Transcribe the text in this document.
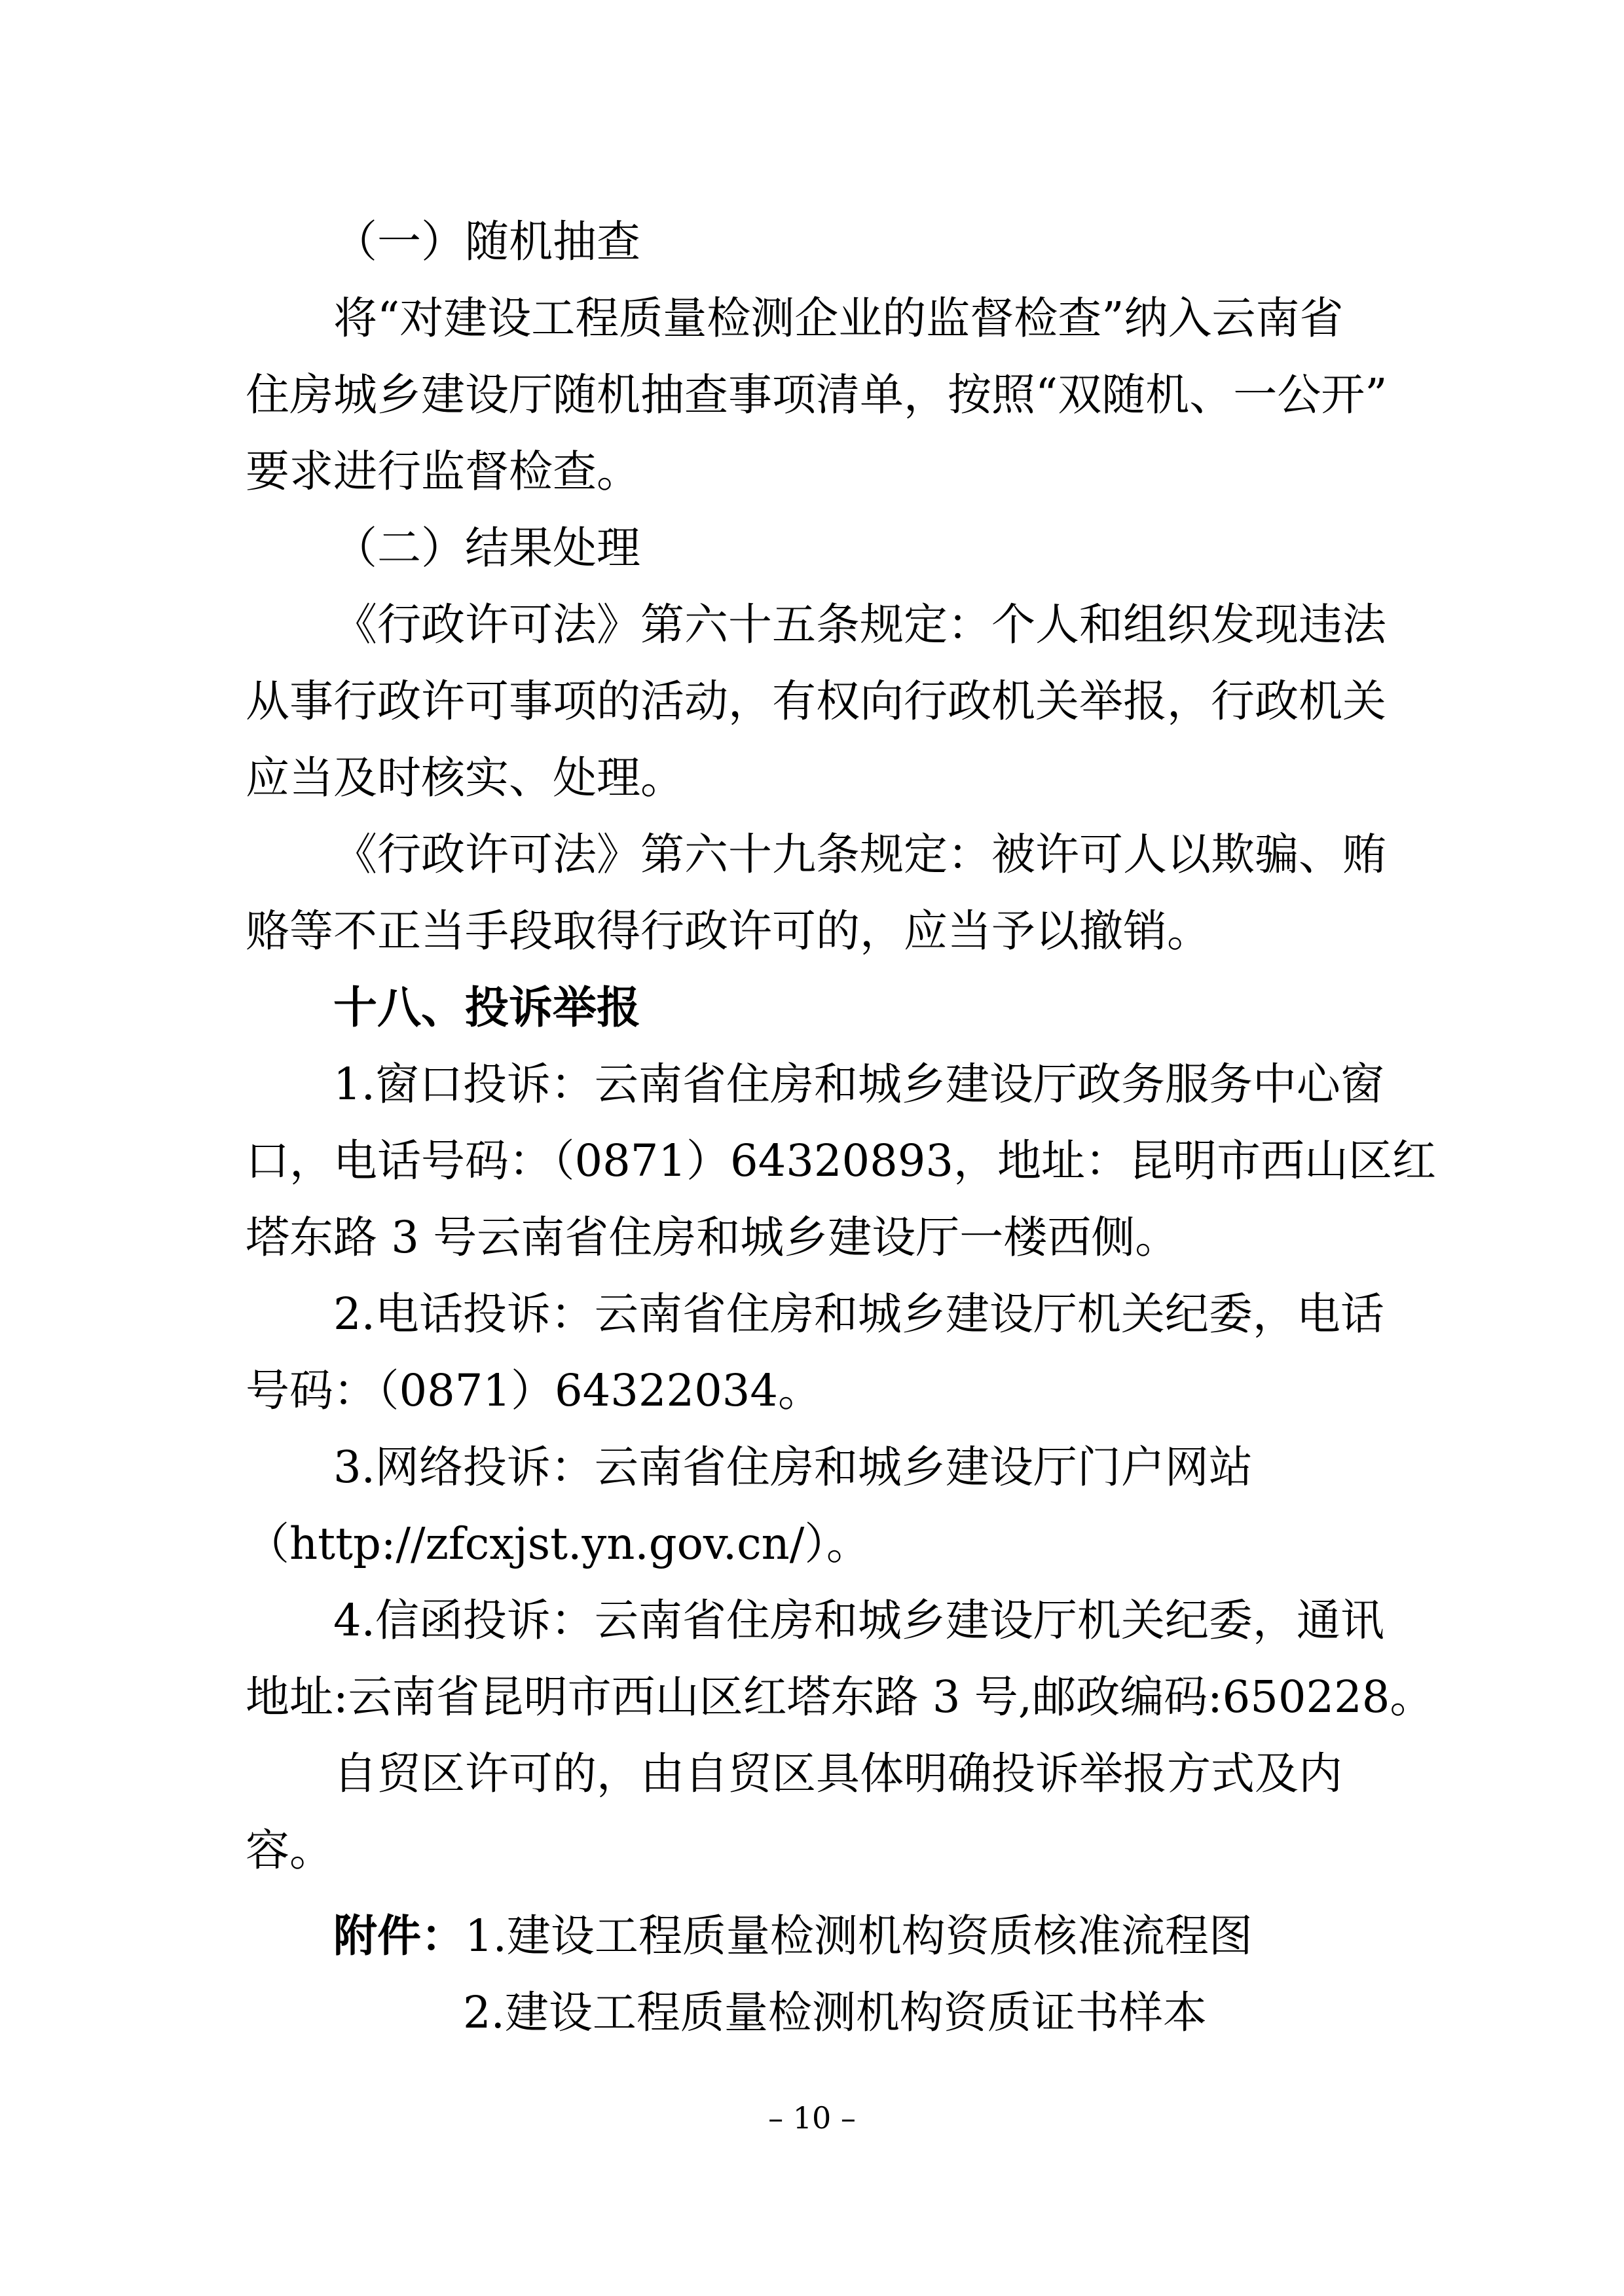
（一）随机抽查
将“对建设工程质量检测企业的监督检查”纳入云南省
住房城乡建设厅随机抽查事项清单，按照“双随机、一公开”
要求进行监督检查。
（二）结果处理
《行政许可法》第六十五条规定：个人和组织发现违法
从事行政许可事项的活动，有权向行政机关举报，行政机关
应当及时核实、处理。
《行政许可法》第六十九条规定：被许可人以欺骗、贿
赂等不正当手段取得行政许可的，应当予以撤销。
十八、投诉举报
1.窗口投诉：云南省住房和城乡建设厅政务服务中心窗
口，电话号码：（0871）64320893，地址：昆明市西山区红
塔东路 3 号云南省住房和城乡建设厅一楼西侧。
2.电话投诉：云南省住房和城乡建设厅机关纪委，电话
号码：（0871）64322034。
3.网络投诉：云南省住房和城乡建设厅门户网站
（http://zfcxjst.yn.gov.cn/）。
4.信函投诉：云南省住房和城乡建设厅机关纪委，通讯
地址:云南省昆明市西山区红塔东路 3 号,邮政编码:650228。
自贸区许可的，由自贸区具体明确投诉举报方式及内
容。
附件：1.建设工程质量检测机构资质核准流程图
2.建设工程质量检测机构资质证书样本
– 10 –
